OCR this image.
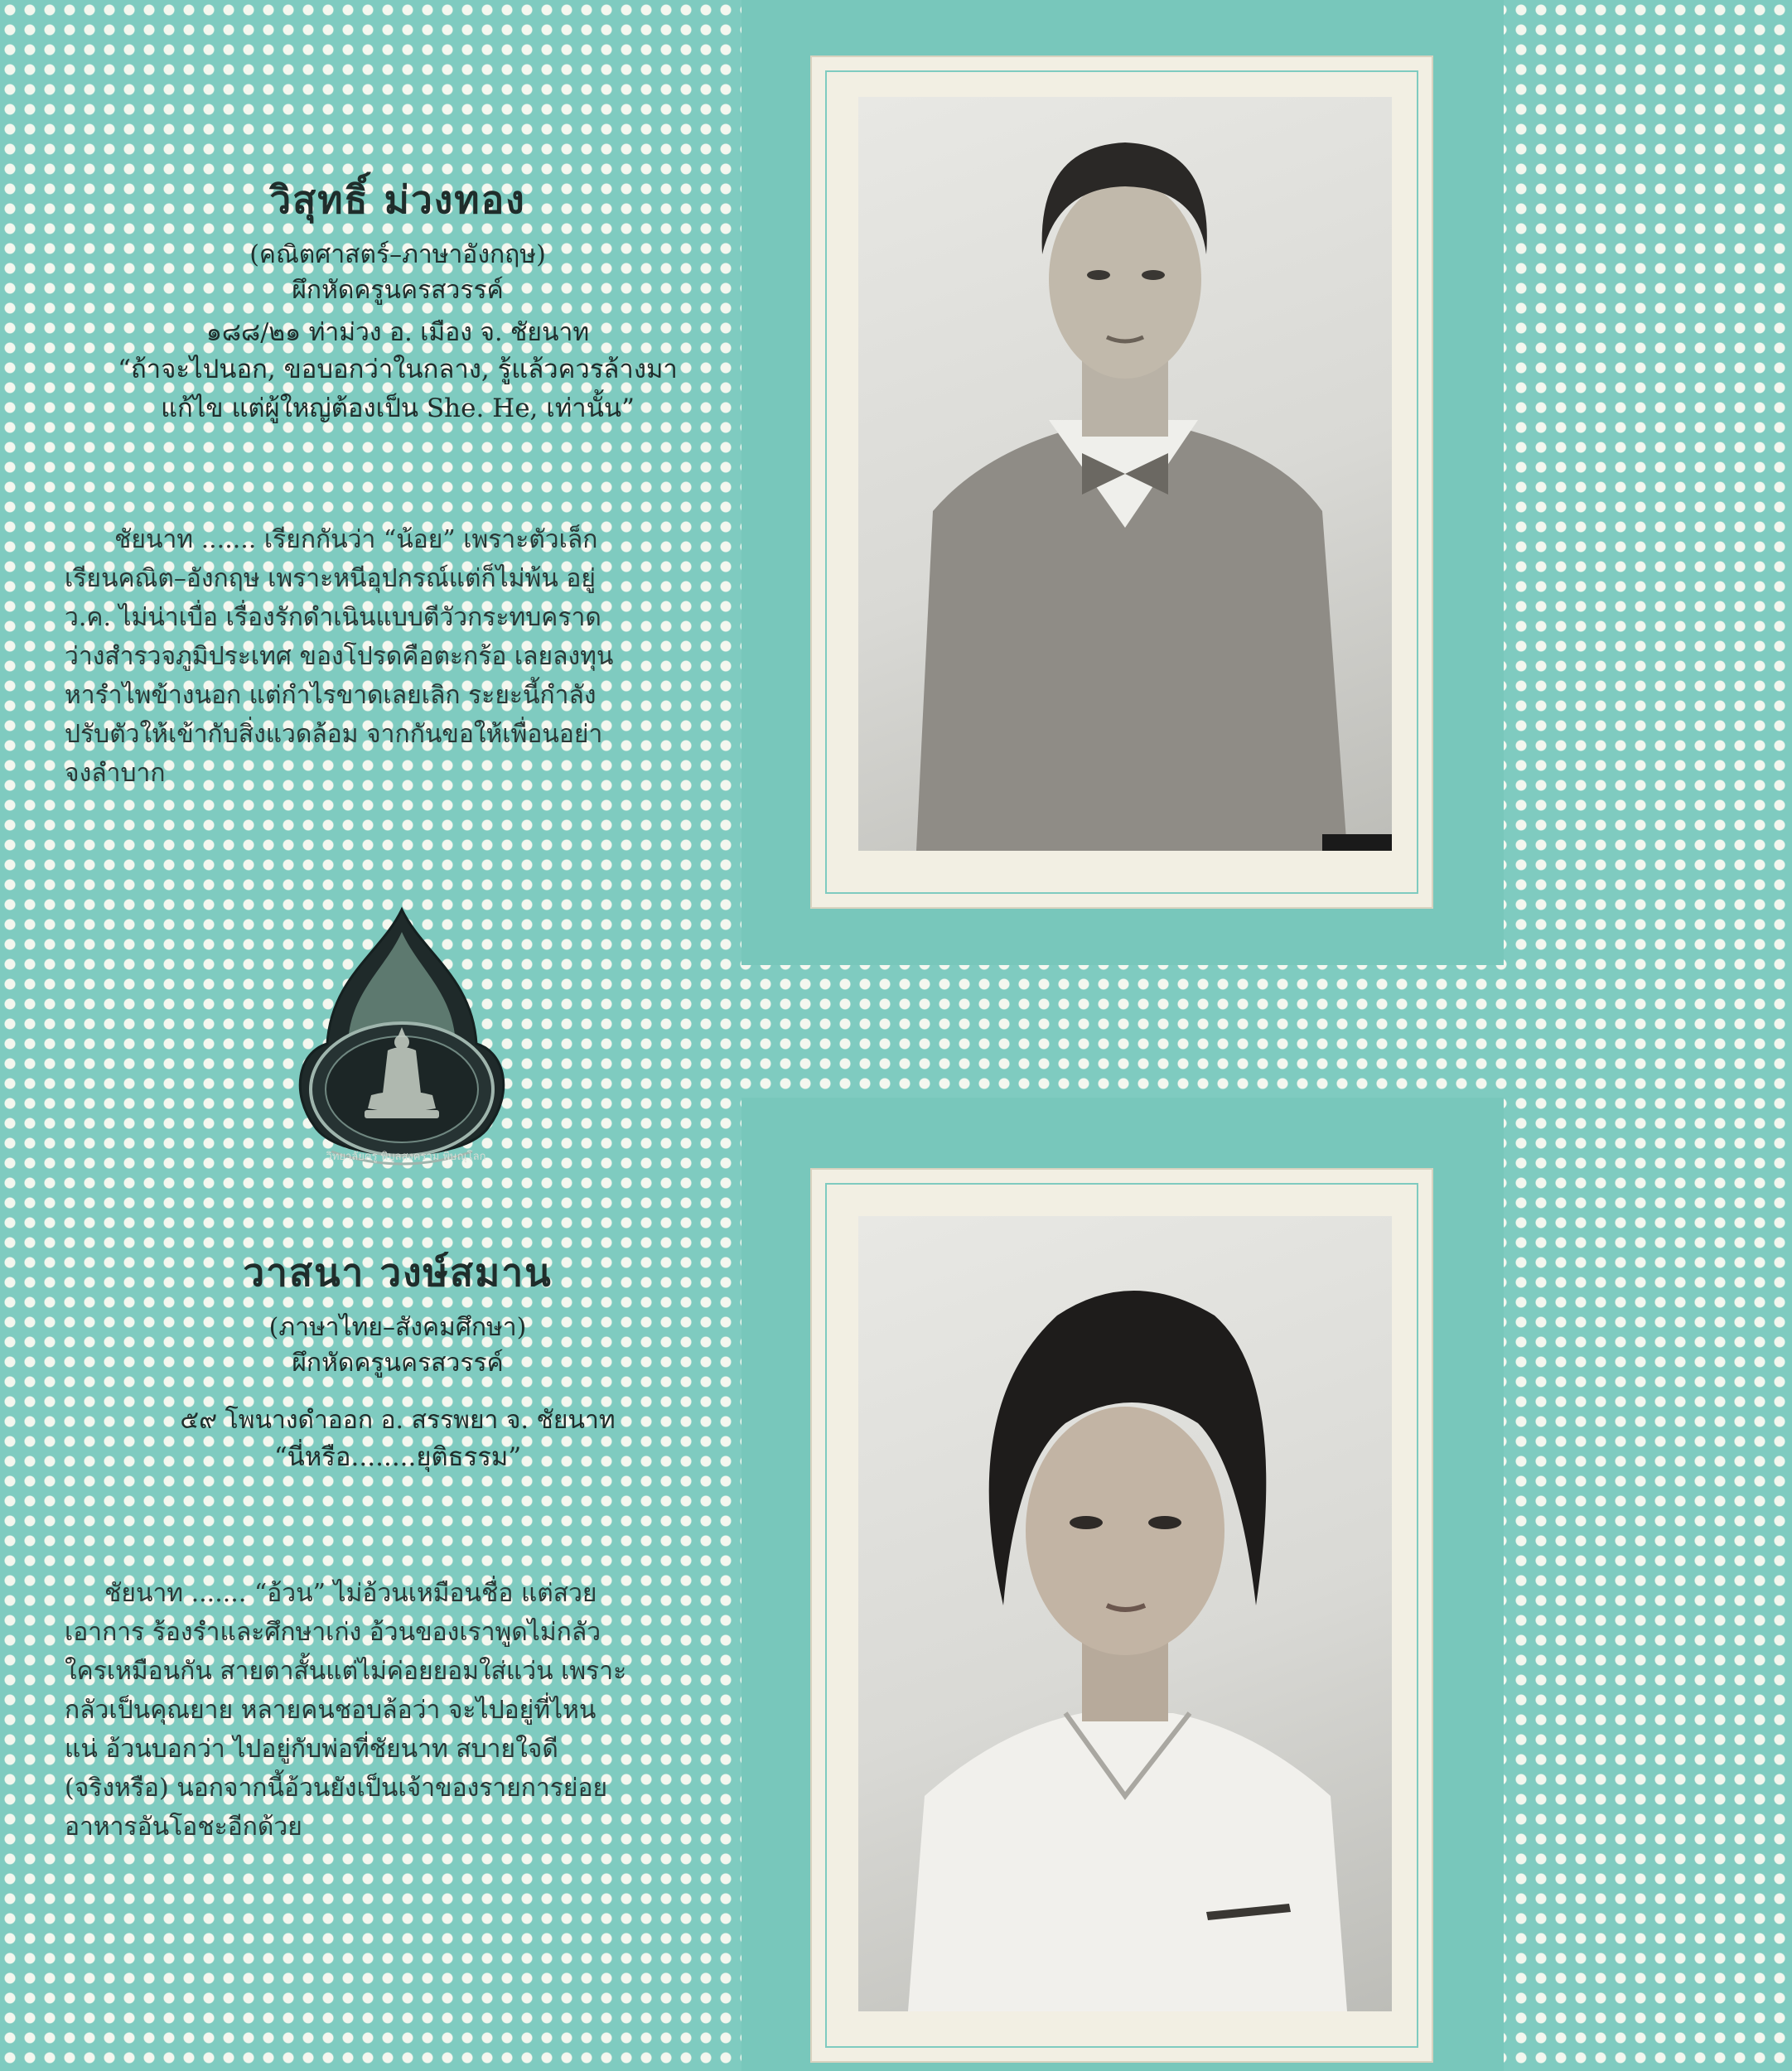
วิสุทธิ์ ม่วงทอง

(คณิตศาสตร์–ภาษาอังกฤษ)

ผึกหัดครูนครสวรรค์

๑๘๘/๒๑ ท่าม่วง อ. เมือง จ. ชัยนาท

“ถ้าจะไปนอก, ขอบอกว่าในกลาง, รู้แล้วควรล้างมา

แก้ไข แต่ผู้ใหญ่ต้องเป็น She. He, เท่านั้น”

ชัยนาท ....... เรียกกันว่า “น้อย” เพราะตัวเล็ก
เรียนคณิต–อังกฤษ เพราะหนีอุปกรณ์แต่ก็ไม่พ้น อยู่
ว.ค. ไม่น่าเบื่อ เรื่องรักดำเนินแบบตีวัวกระทบคราด
ว่างสำรวจภูมิประเทศ ของโปรดคือตะกร้อ เลยลงทุน
หารำไพข้างนอก แต่กำไรขาดเลยเลิก ระยะนี้กำลัง
ปรับตัวให้เข้ากับสิ่งแวดล้อม จากกันขอให้เพื่อนอย่า
จงลำบาก
วิทยาลัยครู พิบูลสงคราม พิษณุโลก
วาสนา วงษ์สมาน

(ภาษาไทย–สังคมศึกษา)

ผึกหัดครูนครสวรรค์

๕๙ โพนางดำออก อ. สรรพยา จ. ชัยนาท

“นี่หรือ........ยุติธรรม”

ชัยนาท ....... “อ้วน” ไม่อ้วนเหมือนชื่อ แต่สวย
เอาการ ร้องรำและศึกษาเก่ง อ้วนของเราพูดไม่กลัว
ใครเหมือนกัน สายตาสั้นแต่ไม่ค่อยยอมใส่แว่น เพราะ
กลัวเป็นคุณยาย หลายคนชอบล้อว่า จะไปอยู่ที่ไหน
แน่ อ้วนบอกว่า ไปอยู่กับพ่อที่ชัยนาท สบายใจดี
(จริงหรือ) นอกจากนี้อ้วนยังเป็นเจ้าของรายการย่อย
อาหารอันโอชะอีกด้วย
